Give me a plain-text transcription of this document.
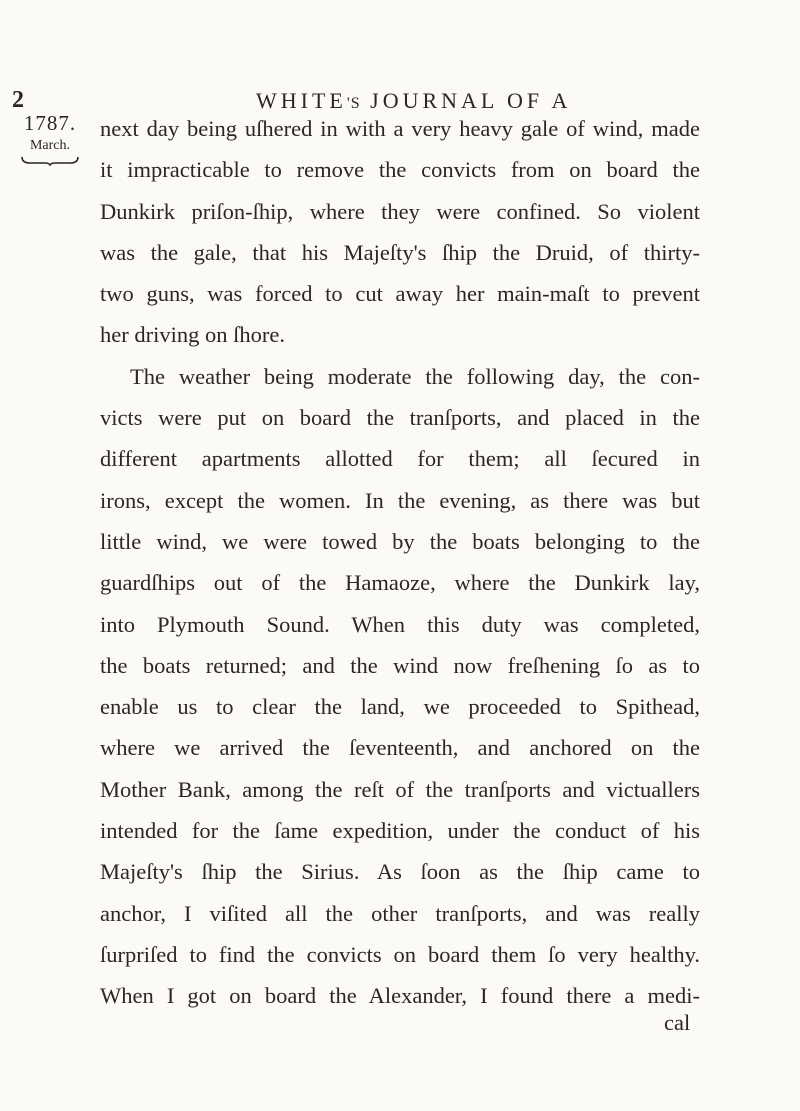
2	WHITE'S JOURNAL OF A
1787.
March.
next day being uſhered in with a very heavy gale of wind, made
it impracticable to remove the convicts from on board the
Dunkirk priſon-ſhip, where they were confined. So violent
was the gale, that his Majeſty's ſhip the Druid, of thirty-
two guns, was forced to cut away her main-maſt to prevent
her driving on ſhore.
The weather being moderate the following day, the con-
victs were put on board the tranſports, and placed in the
different apartments allotted for them; all ſecured in
irons, except the women. In the evening, as there was but
little wind, we were towed by the boats belonging to the
guardſhips out of the Hamaoze, where the Dunkirk lay,
into Plymouth Sound. When this duty was completed,
the boats returned; and the wind now freſhening ſo as to
enable us to clear the land, we proceeded to Spithead,
where we arrived the ſeventeenth, and anchored on the
Mother Bank, among the reſt of the tranſports and victuallers
intended for the ſame expedition, under the conduct of his
Majeſty's ſhip the Sirius. As ſoon as the ſhip came to
anchor, I viſited all the other tranſports, and was really
ſurpriſed to find the convicts on board them ſo very healthy.
When I got on board the Alexander, I found there a medi-
cal
